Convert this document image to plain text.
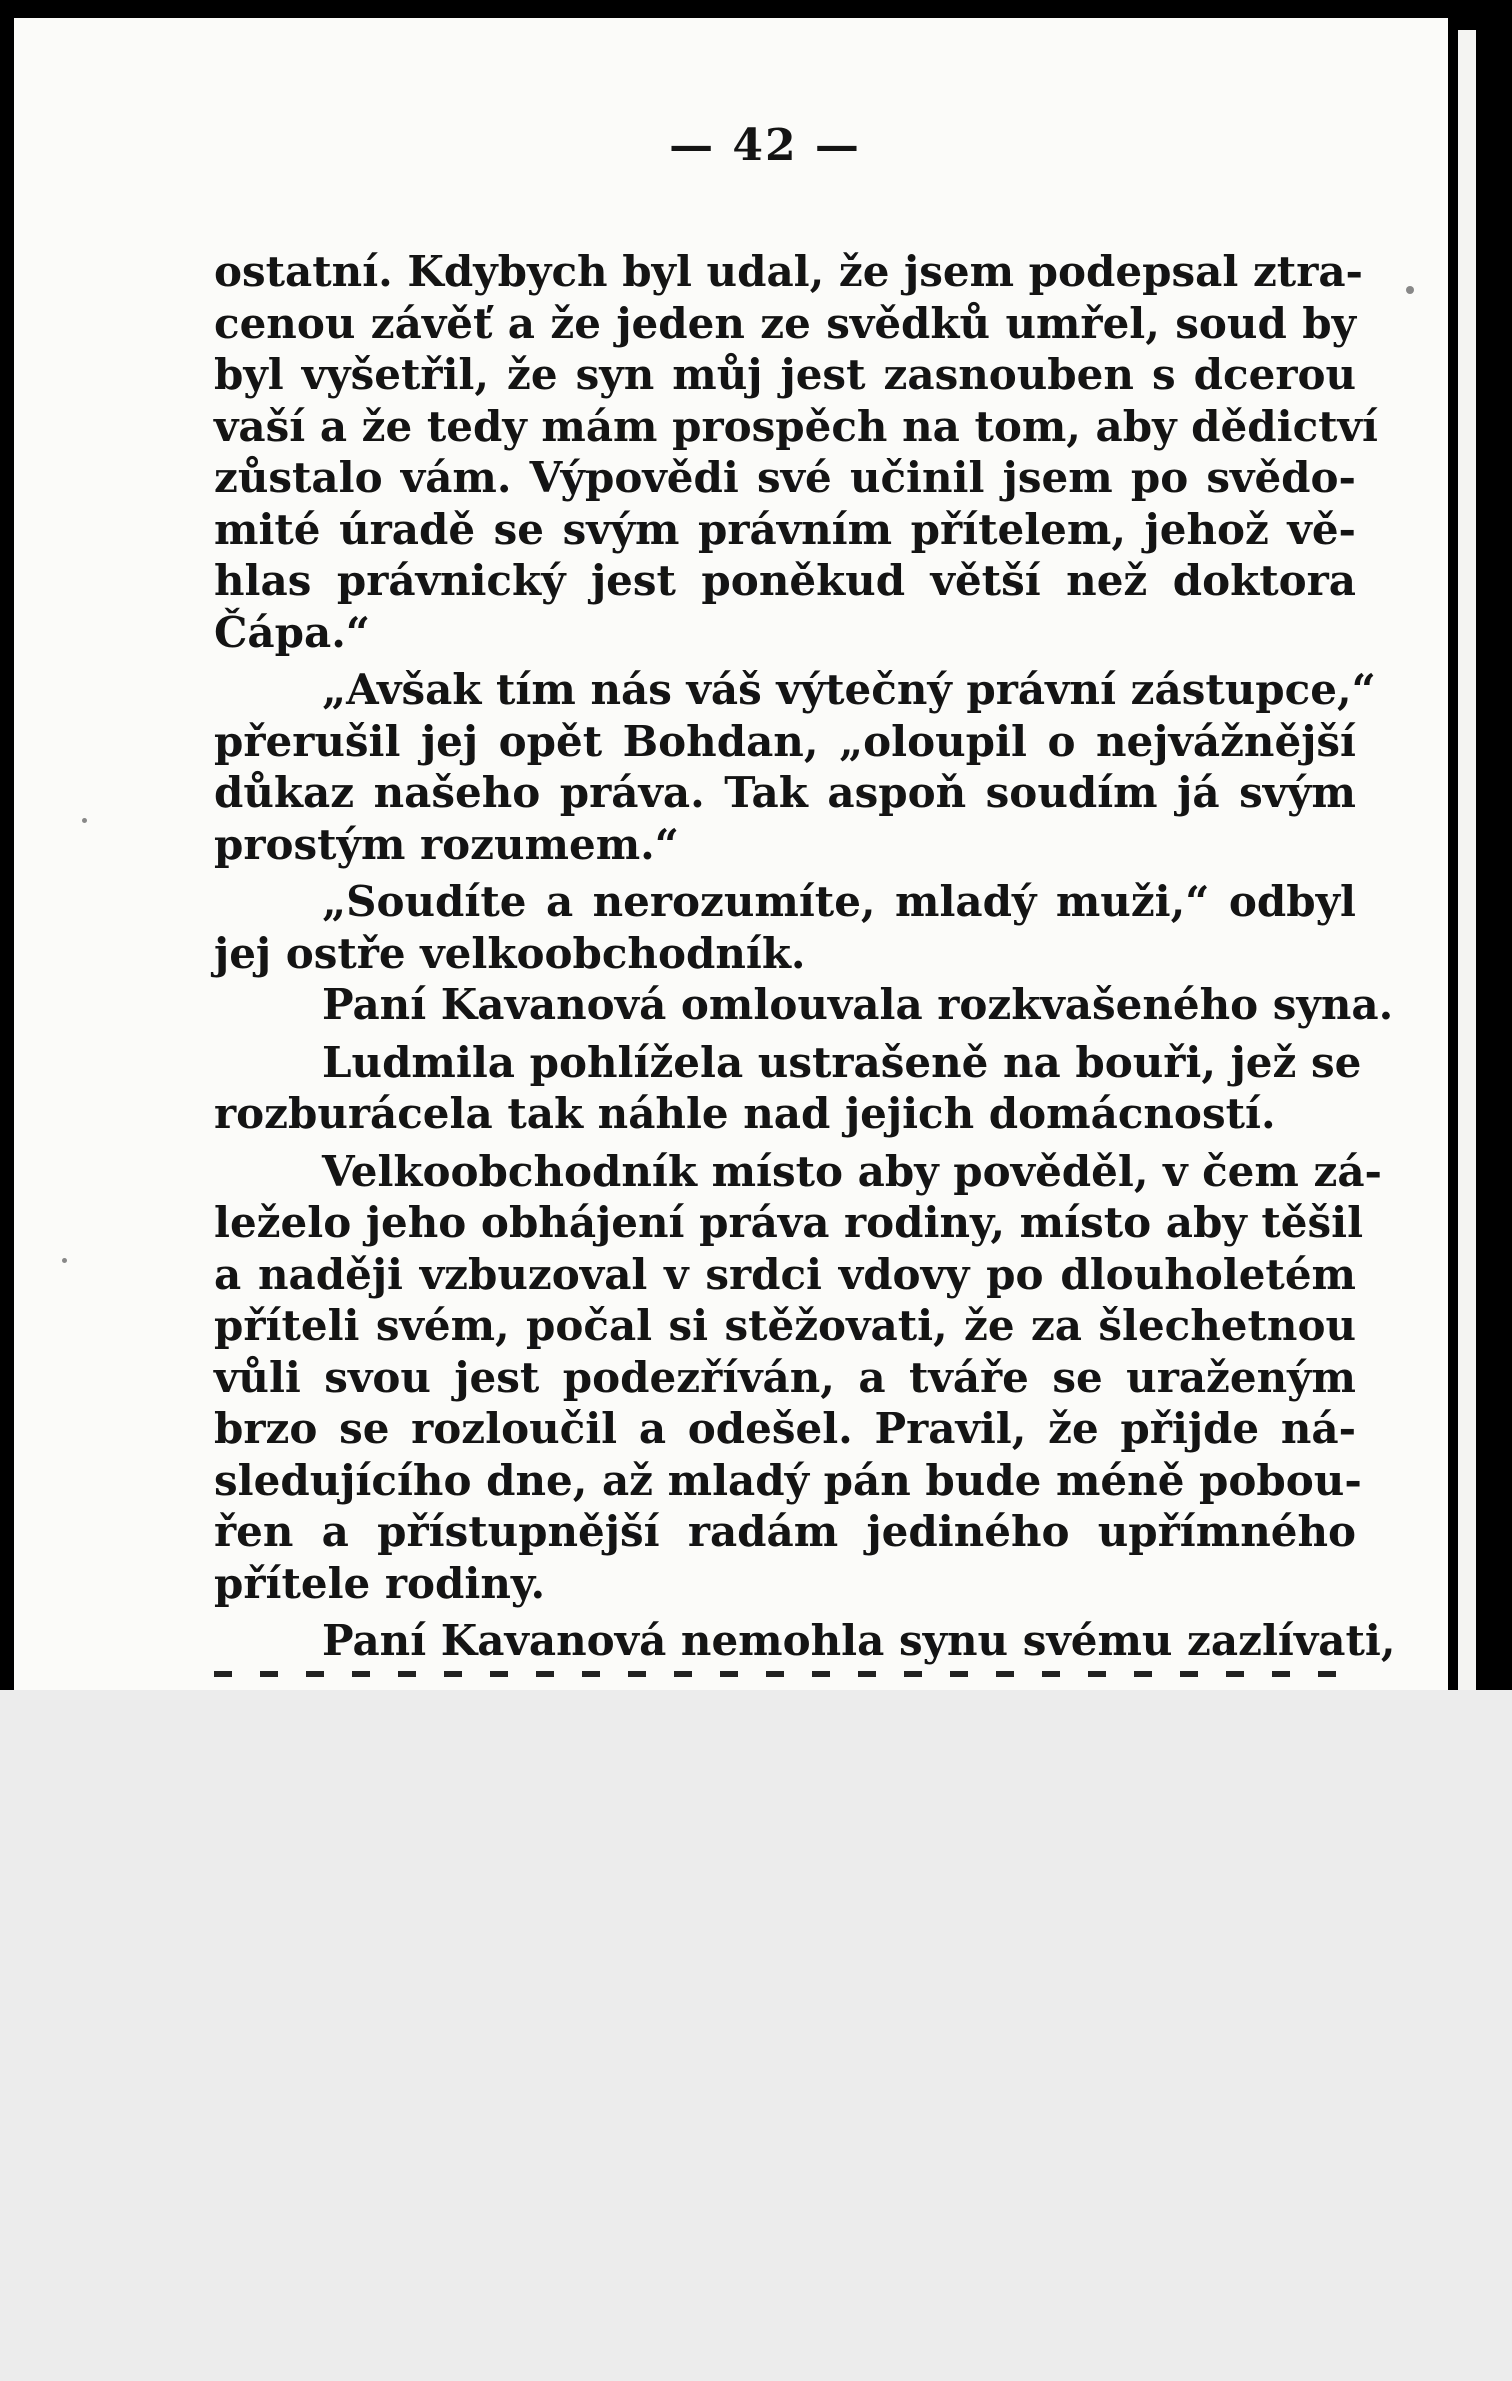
— 42 —
ostatní. Kdybych byl udal, že jsem podepsal ztra-
cenou závěť a že jeden ze svědků umřel, soud by
byl vyšetřil, že syn můj jest zasnouben s dcerou
vaší a že tedy mám prospěch na tom, aby dědictví
zůstalo vám. Výpovědi své učinil jsem po svědo-
mité úradě se svým právním přítelem, jehož vě-
hlas právnický jest poněkud větší než doktora
Čápa.“
„Avšak tím nás váš výtečný právní zástupce,“
přerušil jej opět Bohdan, „oloupil o nejvážnější
důkaz našeho práva. Tak aspoň soudím já svým
prostým rozumem.“
„Soudíte a nerozumíte, mladý muži,“ odbyl
jej ostře velkoobchodník.
Paní Kavanová omlouvala rozkvašeného syna.
Ludmila pohlížela ustrašeně na bouři, jež se
rozburácela tak náhle nad jejich domácností.
Velkoobchodník místo aby pověděl, v čem zá-
leželo jeho obhájení práva rodiny, místo aby těšil
a naději vzbuzoval v srdci vdovy po dlouholetém
příteli svém, počal si stěžovati, že za šlechetnou
vůli svou jest podezříván, a tváře se uraženým
brzo se rozloučil a odešel. Pravil, že přijde ná-
sledujícího dne, až mladý pán bude méně pobou-
řen a přístupnější radám jediného upřímného
přítele rodiny.
Paní Kavanová nemohla synu svému zazlívati,
